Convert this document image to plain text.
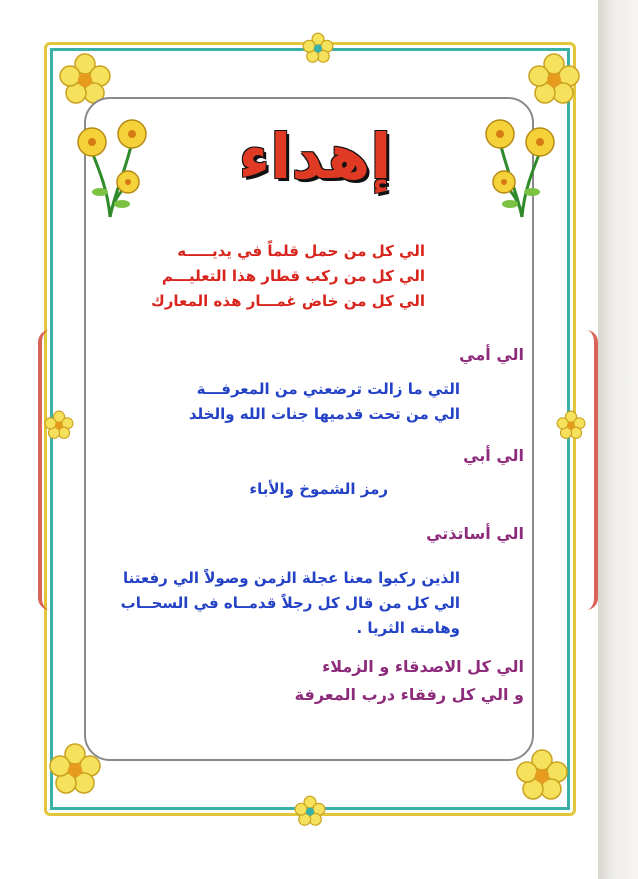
إهداء
الي كل من حمل قلماً في يديـــــه
الي كل من ركب قطار هذا التعليـــم
الي كل من خاض غمـــار هذه المعارك
الي أمي
التي ما زالت ترضعني من المعرفـــة
الي من تحت قدميها جنات الله والخلد
الي أبي
رمز الشموخ والأباء
الي أساتذتي
الذين ركبوا معنا عجلة الزمن وصولاً الي رفعتنا
الي كل من قال كل رجلاً قدمــاه في السحــاب
وهامته الثريا .
الي كل الاصدقاء و الزملاء
و الي كل رفقاء درب المعرفة
